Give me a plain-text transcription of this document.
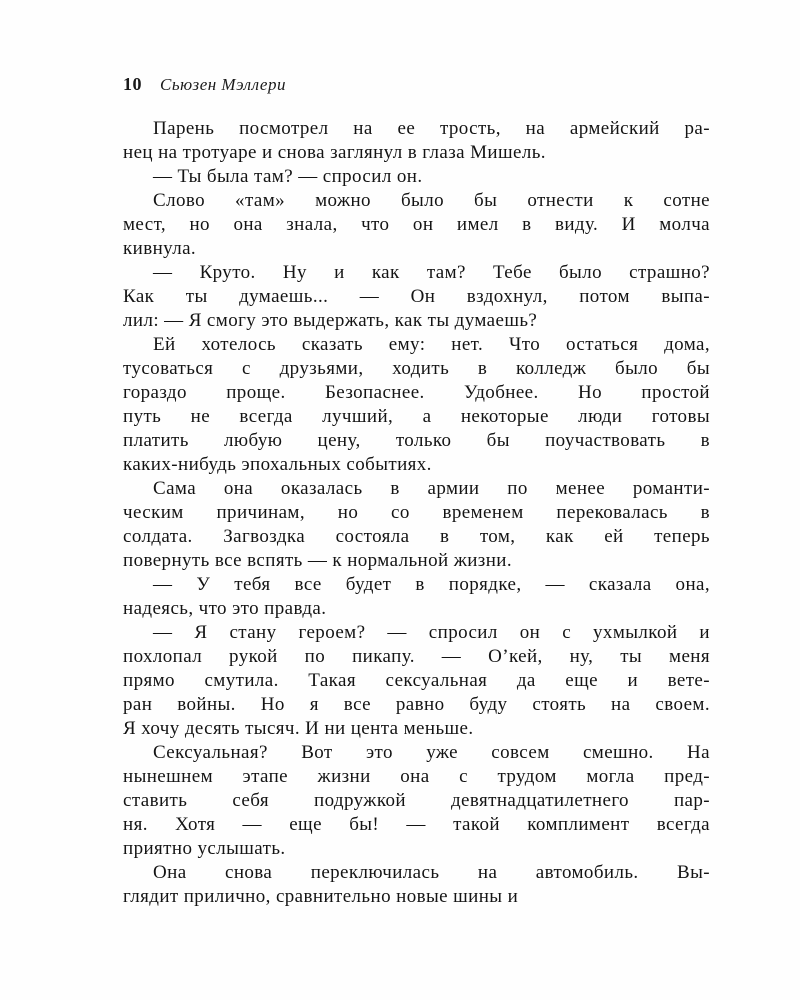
10 Сьюзен Мэллери
Парень посмотрел на ее трость, на армейский ра-
нец на тротуаре и снова заглянул в глаза Мишель.
— Ты была там? — спросил он.
Слово «там» можно было бы отнести к сотне
мест, но она знала, что он имел в виду. И молча
кивнула.
— Круто. Ну и как там? Тебе было страшно?
Как ты думаешь... — Он вздохнул, потом выпа-
лил: — Я смогу это выдержать, как ты думаешь?
Ей хотелось сказать ему: нет. Что остаться дома,
тусоваться с друзьями, ходить в колледж было бы
гораздо проще. Безопаснее. Удобнее. Но простой
путь не всегда лучший, а некоторые люди готовы
платить любую цену, только бы поучаствовать в
каких-нибудь эпохальных событиях.
Сама она оказалась в армии по менее романти-
ческим причинам, но со временем перековалась в
солдата. Загвоздка состояла в том, как ей теперь
повернуть все вспять — к нормальной жизни.
— У тебя все будет в порядке, — сказала она,
надеясь, что это правда.
— Я стану героем? — спросил он с ухмылкой и
похлопал рукой по пикапу. — О’кей, ну, ты меня
прямо смутила. Такая сексуальная да еще и вете-
ран войны. Но я все равно буду стоять на своем.
Я хочу десять тысяч. И ни цента меньше.
Сексуальная? Вот это уже совсем смешно. На
нынешнем этапе жизни она с трудом могла пред-
ставить себя подружкой девятнадцатилетнего пар-
ня. Хотя — еще бы! — такой комплимент всегда
приятно услышать.
Она снова переключилась на автомобиль. Вы-
глядит прилично, сравнительно новые шины и
